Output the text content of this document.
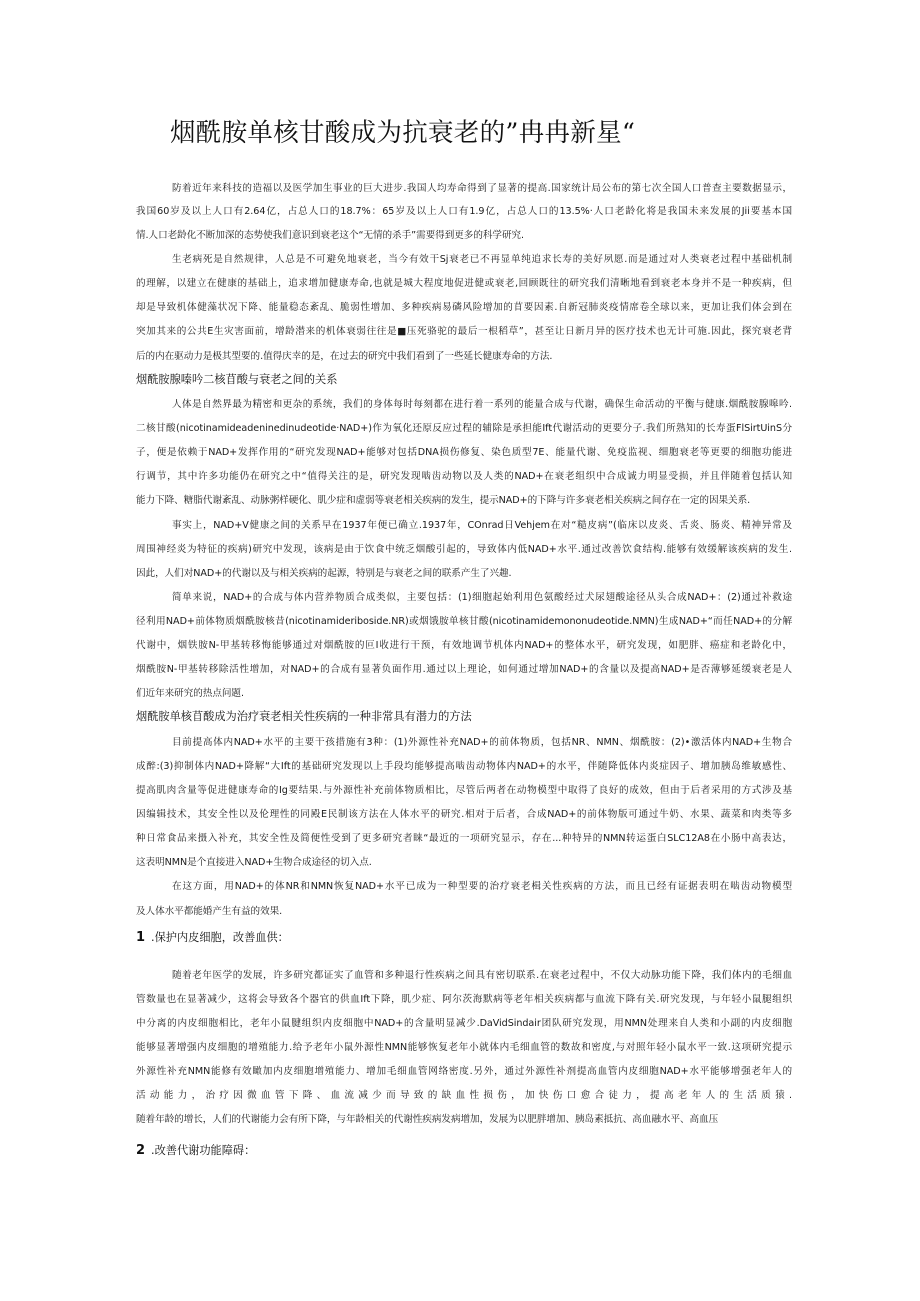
烟酰胺单核甘酸成为抗衰老的”冉冉新星“
防着近年来科技的造福以及医学加生事业的巨大进步.我国人均寿命得到了显著的提高.国家统计局公布的第七次全国人口普查主要数据显示，
我国60岁及以上人口有2.64亿，占总人口的18.7%：65岁及以上人口有1.9亿，占总人口的13.5%·人口老龄化将是我国未来发展的Jii要基本国
情.人口老龄化不断加深的态势使我们意识到衰老这个“无情的杀手”需要得到更多的科学研究.
生老病死是自然规律，人总是不可避免地衰老，当今有效干Sj衰老已不再显单纯追求长寿的美好夙愿.而是通过对人类衰老过程中基础机制
的理解，以建立在健康的基础上，追求增加健康寿命,也就是城大程度地促进健或衰老,回顾既往的研究我们清晰地看到衰老本身并不是一种疾病，但
却是导致机体健藻状况下降、能量稳态紊乱、脆弱性增加、多种疾病易磷风险增加的苜要因素.自新冠肺炎疫情席卷全球以来，更加让我们体会到在
突加其来的公共E生灾害面前，增龄潜来的机体衰弱往往是■压死骆驼的最后一根稻草”，甚至让日新月异的医疗技术也无计可施.因此，探究衰老背
后的内在驱动力是极其型要的.值得庆幸的是，在过去的研究中我们看到了一些延长健康寿命的方法.
烟酰胺腺嗪吟二核苜酸与衰老之间的关系
人体是自然界最为精密和更杂的系统，我们的身体每时每刻都在进行着一系列的能量合成与代谢，确保生命活动的平衡与健康.烟酰胺腺嗥吟.
二核甘酸(nicotinamideadeninedinudeotide·NAD+)作为氧化还原反应过程的辅除是承担能Ift代谢活动的更要分子.我们所熟知的长寿蛋FlSirtUinS分
子，便是依赖于NAD+发挥作用的“研究发现NAD+能够对包括DNA损伤修复、染色质型7E、能量代谢、免疫监视、细胞衰老等更要的细胞功能进
行调节，其中许多功能仍在研究之中“值得关注的是，研究发现啮齿动物以及人类的NAD+在衰老组织中合成诚力明显受损，并且伴随着包括认知
能力下降、糖脂代谢紊乱、动脉粥样硬化、肌少症和虚弱等衰老相关疾病的发生，提示NAD+的下降与许多衰老相关疾病之间存在一定的因果关系.
事实上，NAD+V健康之间的关系早在1937年便已确立.1937年，COnrad日Vehjem在对“糙皮病”(临床以皮炎、舌炎、肠炎、精神异常及
周围神经炎为特征的疾病)研究中发现，该病是由于饮食中统乏烟酸引起的，导致体内低NAD+水平.通过改善饮食结构.能够有效缓解该疾病的发生.
因此，人们对NAD+的代谢以及与相关疾病的起源，特别是与衰老之间的联系产生了兴趣.
简单来说，NAD+的合成与体内营养物质合成类似，主要包括：(1)细胞起始利用色氨酸经过犬尿翅酸途径从头合成NAD+：(2)通过补救途
径利用NAD+前体物质烟酰胺核昔(nicotinamideriboside.NR)或烟饿胺单核甘酸(nicotinamidemononudeotide.NMN)生成NAD+“而任NAD+的分解
代谢中，烟铁胺N-甲基转移悔能够通过对烟酰胺的叵I收进行干预，有效地调节机体内NAD+的整体水平，研究发现，如肥胖、癌症和老龄化中，
烟酰胺N-甲基转移除活性增加，对NAD+的合成有显著负面作用.通过以上理论，如何通过增加NAD+的含量以及提高NAD+是否薄够延缓衰老是人
们近年来研究的热点问题.
烟酰胺单核苜酸成为治疗衰老相关性疾病的一种非常具有潜力的方法
目前提高体内NAD+水平的主要干孩措施有3种：(1)外源性补充NAD+的前体物质，包括NR、NMN、烟酰胺：(2)•激活体内NAD+生物合
成醉:(3)抑制体内NAD+降解“大Ift的基础研究发现以上手段均能够提高啮齿动物体内NAD+的水平，伴随降低体内炎症因子、增加胰岛维敏感性、
提高肌肉含量等促进健康寿命的Ig要结果.与外源性补充前体物质相比，尽管后两者在动物模型中取得了良好的成效，但由于后者采用的方式涉及基
因编辑技术，其安全性以及伦理性的同殿E民制该方法在人体水平的研究.相对于后者，合成NAD+的前体物版可通过牛奶、水果、蔬菜和肉类等多
种日常食品来摄入补充，其安全性及简便性受到了更多研究者睐“最近的一项研究显示，存在...种特异的NMN转运蛋白SLC12A8在小肠中高表达，
这表明NMN是个直接进入NAD+生物合成途径的切入点.
在这方面，用NAD+的体NR和NMN恢复NAD+水平已成为一种型要的治疗衰老楫关性疾病的方法，而且已经有证据表明在啮齿动物模型
及人体水平都能婚产生有益的效果.
1 .保护内皮细胞，改善血供：
随着老年医学的发展，许多研究都证实了血管和多种退行性疾病之间具有密切联系.在衰老过程中，不仅大动脉功能下降，我们体内的毛细血
管数量也在显著减少，这将会导致各个器官的供血Ift下降，肌少症、阿尔茨海默病等老年相关疾病都与血流下降有关.研究发现，与年轻小鼠腿组织
中分离的内皮细胞相比，老年小鼠腱组织内皮细胞中NAD+的含量明显减少.DaVidSindair团队研究发现，用NMN处理来自人类和小副的内皮细胞
能够显著增强内皮细胞的增殖能力.给予老年小鼠外源性NMN能够恢复老年小就体内毛细血管的数故和密度,与对照年轻小鼠水平一致.这项研究提示
外源性补充NMN能修有效瞰加内皮细胞增殖能力、增加毛细血管网络密度.另外，通过外源性补剂提高血管内皮细胞NAD+水平能够增强老年人的
活动能力，治疗因微血管下降、血流减少而导致的缺血性损伤，加快伤口愈合徒力，提高老年人的生活质猿.
随着年龄的增长，人们的代谢能力会有所下降，与年龄相关的代谢性疾病发病增加，发展为以肥胖增加、胰岛素抵抗、高血融水平、高血压
2 .改善代谢功能障碍：
